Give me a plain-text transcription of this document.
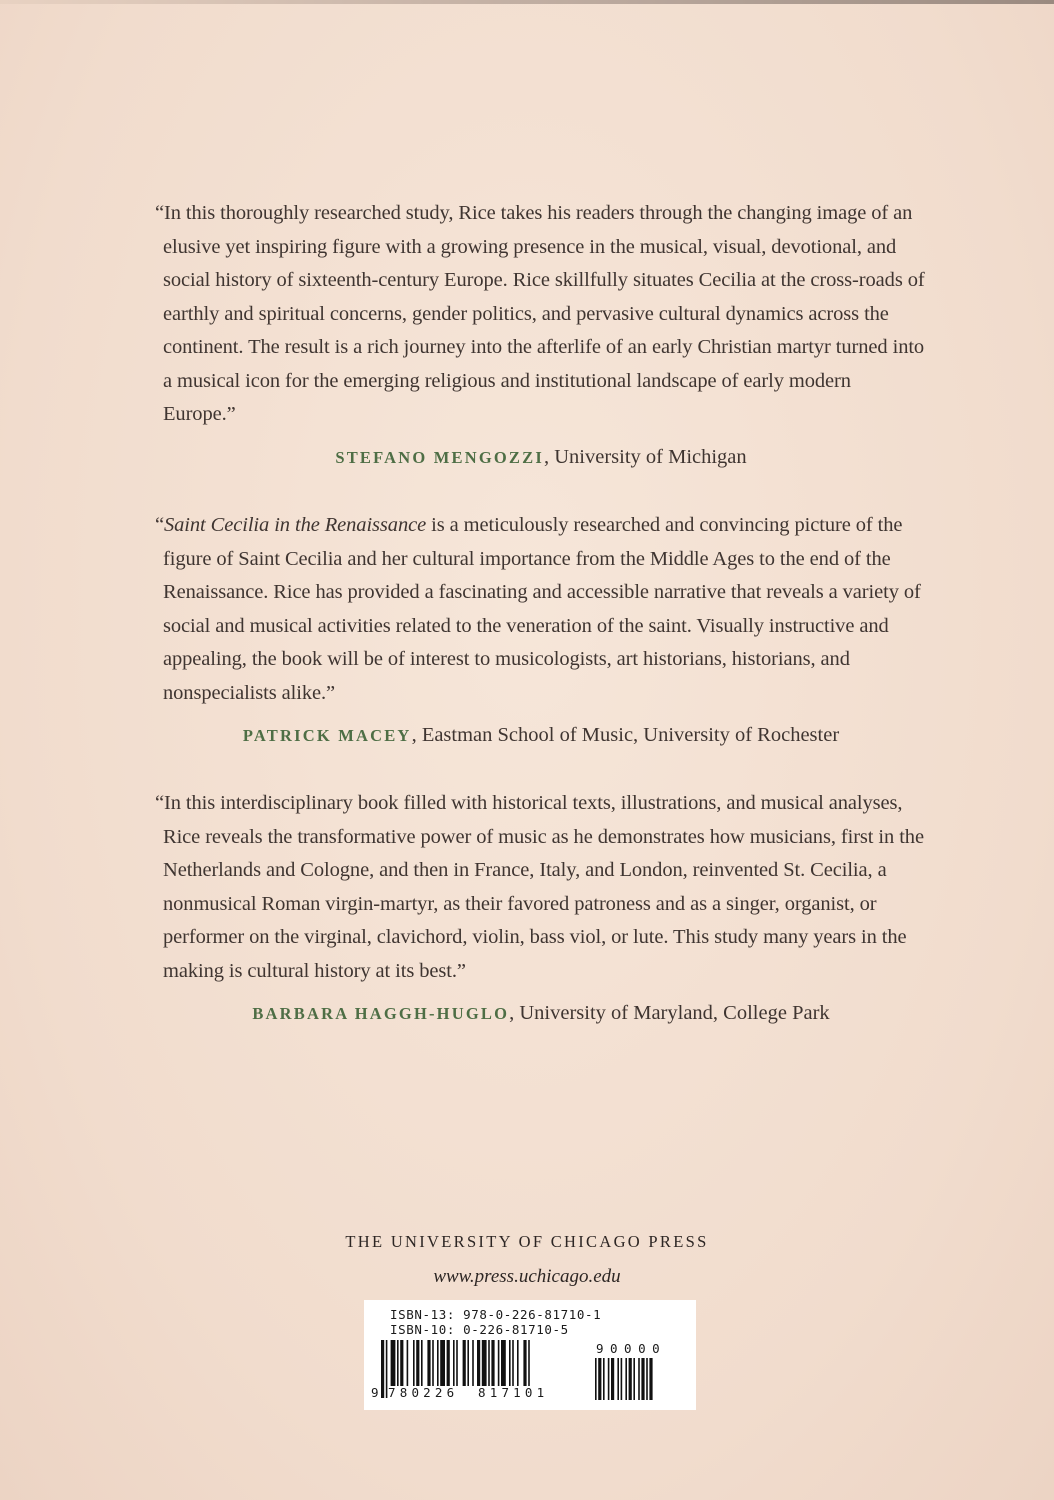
“In this thoroughly researched study, Rice takes his readers through the changing image of an elusive yet inspiring figure with a growing presence in the musical, visual, devotional, and social history of sixteenth-century Europe. Rice skillfully situates Cecilia at the cross-roads of earthly and spiritual concerns, gender politics, and pervasive cultural dynamics across the continent. The result is a rich journey into the afterlife of an early Christian martyr turned into a musical icon for the emerging religious and institutional landscape of early modern Europe.”

STEFANO MENGOZZI, University of Michigan

“Saint Cecilia in the Renaissance is a meticulously researched and convincing picture of the figure of Saint Cecilia and her cultural importance from the Middle Ages to the end of the Renaissance. Rice has provided a fascinating and accessible narrative that reveals a variety of social and musical activities related to the veneration of the saint. Visually instructive and appealing, the book will be of interest to musicologists, art historians, historians, and nonspecialists alike.”

PATRICK MACEY, Eastman School of Music, University of Rochester

“In this interdisciplinary book filled with historical texts, illustrations, and musical analyses, Rice reveals the transformative power of music as he demonstrates how musicians, first in the Netherlands and Cologne, and then in France, Italy, and London, reinvented St. Cecilia, a nonmusical Roman virgin-martyr, as their favored patroness and as a singer, organist, or performer on the virginal, clavichord, violin, bass viol, or lute. This study many years in the making is cultural history at its best.”

BARBARA HAGGH-HUGLO, University of Maryland, College Park
THE UNIVERSITY OF CHICAGO PRESS
www.press.uchicago.edu
ISBN-13: 978-0-226-81710-1
ISBN-10: 0-226-81710-5
9 780226 817101
90000
